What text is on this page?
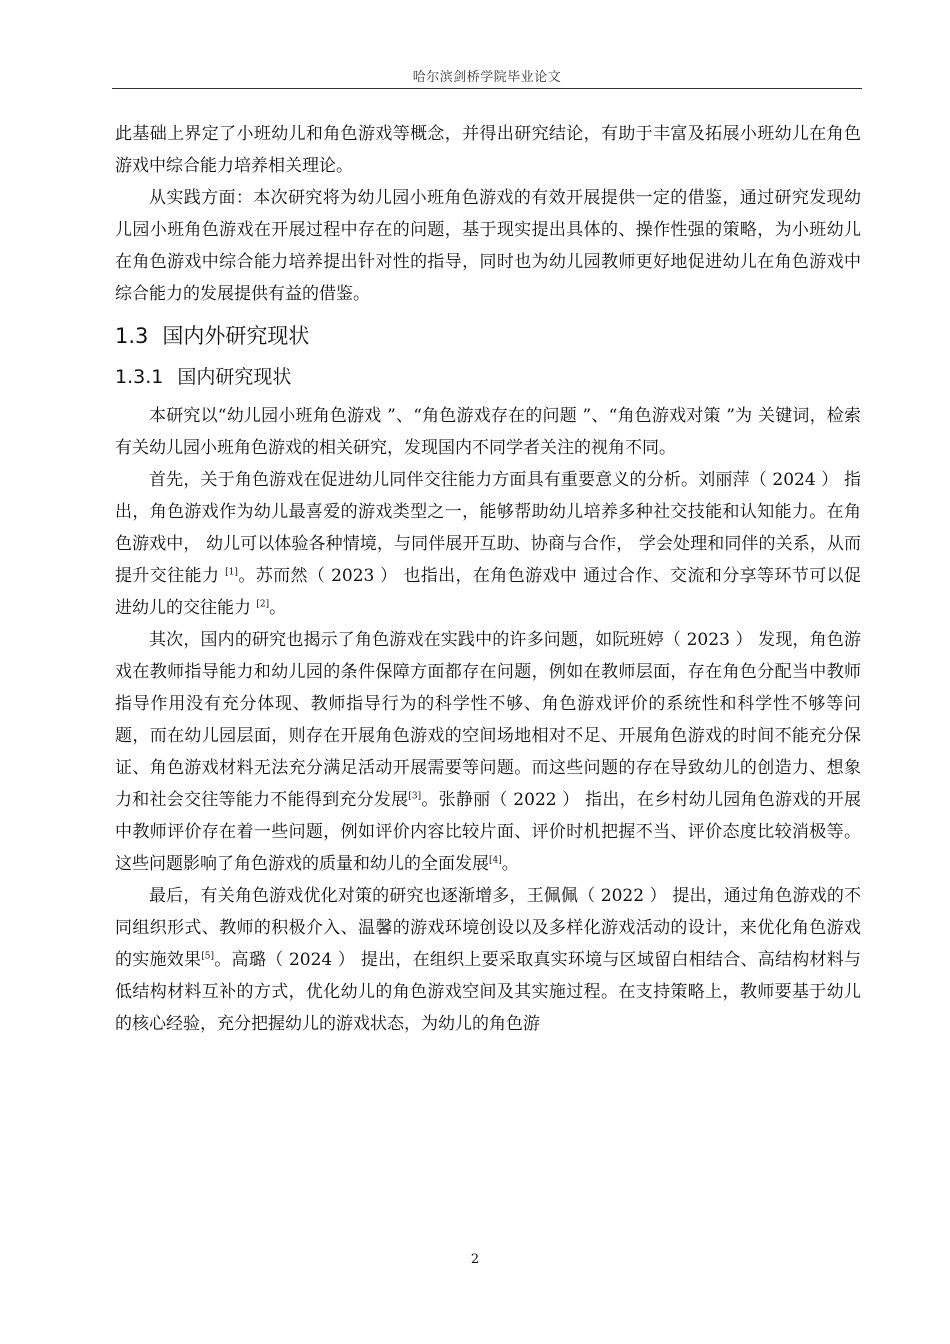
哈尔滨剑桥学院毕业论文

此基础上界定了小班幼儿和角色游戏等概念，并得出研究结论，有助于丰富及拓展小班幼儿在角色游戏中综合能力培养相关理论。

从实践方面：本次研究将为幼儿园小班角色游戏的有效开展提供一定的借鉴，通过研究发现幼儿园小班角色游戏在开展过程中存在的问题，基于现实提出具体的、操作性强的策略，为小班幼儿在角色游戏中综合能力培养提出针对性的指导，同时也为幼儿园教师更好地促进幼儿在角色游戏中综合能力的发展提供有益的借鉴。

1.3 国内外研究现状
1.3.1 国内研究现状

本研究以“幼儿园小班角色游戏 ”、“角色游戏存在的问题 ”、“角色游戏对策 ”为 关键词，检索有关幼儿园小班角色游戏的相关研究，发现国内不同学者关注的视角不同。

首先，关于角色游戏在促进幼儿同伴交往能力方面具有重要意义的分析。刘丽萍（ 2024 ） 指出，角色游戏作为幼儿最喜爱的游戏类型之一，能够帮助幼儿培养多种社交技能和认知能力。在角色游戏中， 幼儿可以体验各种情境，与同伴展开互助、协商与合作， 学会处理和同伴的关系，从而提升交往能力 [1]。苏而然（ 2023 ） 也指出，在角色游戏中 通过合作、交流和分享等环节可以促进幼儿的交往能力 [2]。

其次，国内的研究也揭示了角色游戏在实践中的许多问题，如阮班婷（ 2023 ） 发现，角色游戏在教师指导能力和幼儿园的条件保障方面都存在问题，例如在教师层面，存在角色分配当中教师指导作用没有充分体现、教师指导行为的科学性不够、角色游戏评价的系统性和科学性不够等问题，而在幼儿园层面，则存在开展角色游戏的空间场地相对不足、开展角色游戏的时间不能充分保证、角色游戏材料无法充分满足活动开展需要等问题。而这些问题的存在导致幼儿的创造力、想象力和社会交往等能力不能得到充分发展[3]。张静丽（ 2022 ） 指出，在乡村幼儿园角色游戏的开展中教师评价存在着一些问题，例如评价内容比较片面、评价时机把握不当、评价态度比较消极等。这些问题影响了角色游戏的质量和幼儿的全面发展[4]。

最后，有关角色游戏优化对策的研究也逐渐增多，王佩佩（ 2022 ） 提出，通过角色游戏的不同组织形式、教师的积极介入、温馨的游戏环境创设以及多样化游戏活动的设计，来优化角色游戏的实施效果[5]。高璐（ 2024 ） 提出，在组织上要采取真实环境与区域留白相结合、高结构材料与低结构材料互补的方式，优化幼儿的角色游戏空间及其实施过程。在支持策略上，教师要基于幼儿的核心经验，充分把握幼儿的游戏状态，为幼儿的角色游

2
